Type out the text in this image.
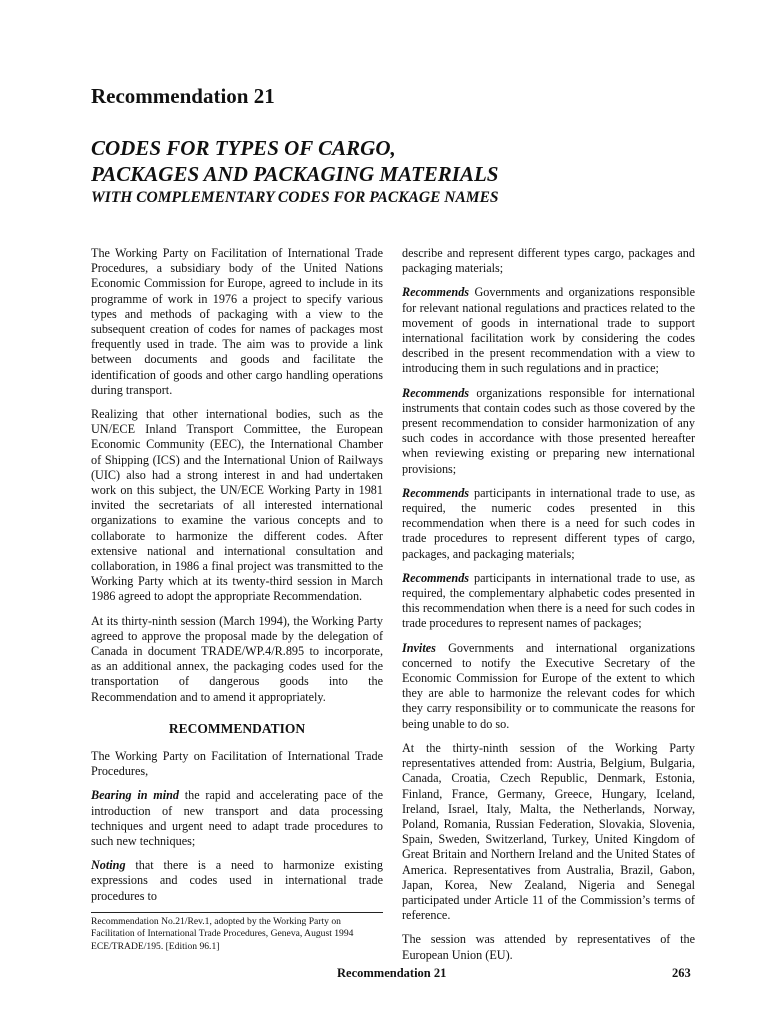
Recommendation 21
CODES FOR TYPES OF CARGO,
PACKAGES AND PACKAGING MATERIALS
WITH COMPLEMENTARY CODES FOR PACKAGE NAMES

The Working Party on Facilitation of International Trade Procedures, a subsidiary body of the United Nations Economic Commission for Europe, agreed to include in its programme of work in 1976 a project to specify various types and methods of packaging with a view to the subsequent creation of codes for names of packages most frequently used in trade. The aim was to provide a link between documents and goods and facilitate the identification of goods and other cargo handling operations during transport.

Realizing that other international bodies, such as the UN/ECE Inland Transport Committee, the European Economic Community (EEC), the International Chamber of Shipping (ICS) and the International Union of Railways (UIC) also had a strong interest in and had undertaken work on this subject, the UN/ECE Working Party in 1981 invited the secretariats of all interested international organizations to examine the various concepts and to collaborate to harmonize the different codes. After extensive national and international consultation and collaboration, in 1986 a final project was transmitted to the Working Party which at its twenty-third session in March 1986 agreed to adopt the appropriate Recommendation.

At its thirty-ninth session (March 1994), the Working Party agreed to approve the proposal made by the delegation of Canada in document TRADE/WP.4/R.895 to incorporate, as an additional annex, the packaging codes used for the transportation of dangerous goods into the Recommendation and to amend it appropriately.

RECOMMENDATION

The Working Party on Facilitation of International Trade Procedures,

Bearing in mind the rapid and accelerating pace of the introduction of new transport and data processing techniques and urgent need to adapt trade procedures to such new techniques;

Noting that there is a need to harmonize existing expressions and codes used in international trade procedures to

describe and represent different types cargo, packages and packaging materials;

Recommends Governments and organizations responsible for relevant national regulations and practices related to the movement of goods in international trade to support international facilitation work by considering the codes described in the present recommendation with a view to introducing them in such regulations and in practice;

Recommends organizations responsible for international instruments that contain codes such as those covered by the present recommendation to consider harmonization of any such codes in accordance with those presented hereafter when reviewing existing or preparing new international provisions;

Recommends participants in international trade to use, as required, the numeric codes presented in this recommendation when there is a need for such codes in trade procedures to represent different types of cargo, packages, and packaging materials;

Recommends participants in international trade to use, as required, the complementary alphabetic codes presented in this recommendation when there is a need for such codes in trade procedures to represent names of packages;

Invites Governments and international organizations concerned to notify the Executive Secretary of the Economic Commission for Europe of the extent to which they are able to harmonize the relevant codes for which they carry responsibility or to communicate the reasons for being unable to do so.

At the thirty-ninth session of the Working Party representatives attended from: Austria, Belgium, Bulgaria, Canada, Croatia, Czech Republic, Denmark, Estonia, Finland, France, Germany, Greece, Hungary, Iceland, Ireland, Israel, Italy, Malta, the Netherlands, Norway, Poland, Romania, Russian Federation, Slovakia, Slovenia, Spain, Sweden, Switzerland, Turkey, United Kingdom of Great Britain and Northern Ireland and the United States of America. Representatives from Australia, Brazil, Gabon, Japan, Korea, New Zealand, Nigeria and Senegal participated under Article 11 of the Commission’s terms of reference.

The session was attended by representatives of the European Union (EU).

Recommendation No.21/Rev.1, adopted by the Working Party on
Facilitation of International Trade Procedures, Geneva, August 1994
ECE/TRADE/195. [Edition 96.1]
Recommendation 21	263
